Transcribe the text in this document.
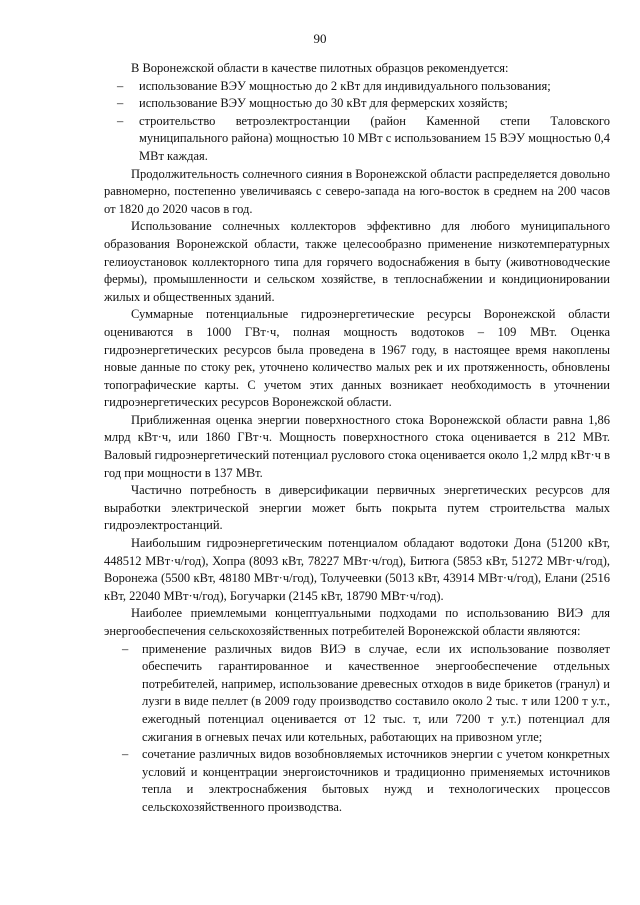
90

В Воронежской области в качестве пилотных образцов рекомендуется:

– использование ВЭУ мощностью до 2 кВт для индивидуального пользования;
– использование ВЭУ мощностью до 30 кВт для фермерских хозяйств;
– строительство ветроэлектростанции (район Каменной степи Таловского муниципального района) мощностью 10 МВт с использованием 15 ВЭУ мощностью 0,4 МВт каждая.

Продолжительность солнечного сияния в Воронежской области распределяется довольно равномерно, постепенно увеличиваясь с северо-запада на юго-восток в среднем на 200 часов от 1820 до 2020 часов в год.

Использование солнечных коллекторов эффективно для любого муниципального образования Воронежской области, также целесообразно применение низкотемпературных гелиоустановок коллекторного типа для горячего водоснабжения в быту (животноводческие фермы), промышленности и сельском хозяйстве, в теплоснабжении и кондиционировании жилых и общественных зданий.

Суммарные потенциальные гидроэнергетические ресурсы Воронежской области оцениваются в 1000 ГВт·ч, полная мощность водотоков – 109 МВт. Оценка гидроэнергетических ресурсов была проведена в 1967 году, в настоящее время накоплены новые данные по стоку рек, уточнено количество малых рек и их протяженность, обновлены топографические карты. С учетом этих данных возникает необходимость в уточнении гидроэнергетических ресурсов Воронежской области.

Приближенная оценка энергии поверхностного стока Воронежской области равна 1,86 млрд кВт·ч, или 1860 ГВт·ч. Мощность поверхностного стока оценивается в 212 МВт. Валовый гидроэнергетический потенциал руслового стока оценивается около 1,2 млрд кВт·ч в год при мощности в 137 МВт.

Частично потребность в диверсификации первичных энергетических ресурсов для выработки электрической энергии может быть покрыта путем строительства малых гидроэлектростанций.

Наибольшим гидроэнергетическим потенциалом обладают водотоки Дона (51200 кВт, 448512 МВт·ч/год), Хопра (8093 кВт, 78227 МВт·ч/год), Битюга (5853 кВт, 51272 МВт·ч/год), Воронежа (5500 кВт, 48180 МВт·ч/год), Толучеевки (5013 кВт, 43914 МВт·ч/год), Елани (2516 кВт, 22040 МВт·ч/год), Богучарки (2145 кВт, 18790 МВт·ч/год).

Наиболее приемлемыми концептуальными подходами по использованию ВИЭ для энергообеспечения сельскохозяйственных потребителей Воронежской области являются:

– применение различных видов ВИЭ в случае, если их использование позволяет обеспечить гарантированное и качественное энергообеспечение отдельных потребителей, например, использование древесных отходов в виде брикетов (гранул) и лузги в виде пеллет (в 2009 году производство составило около 2 тыс. т или 1200 т у.т., ежегодный потенциал оценивается от 12 тыс. т, или 7200 т у.т.) потенциал для сжигания в огневых печах или котельных, работающих на привозном угле;
– сочетание различных видов возобновляемых источников энергии с учетом конкретных условий и концентрации энергоисточников и традиционно применяемых источников тепла и электроснабжения бытовых нужд и технологических процессов сельскохозяйственного производства.
